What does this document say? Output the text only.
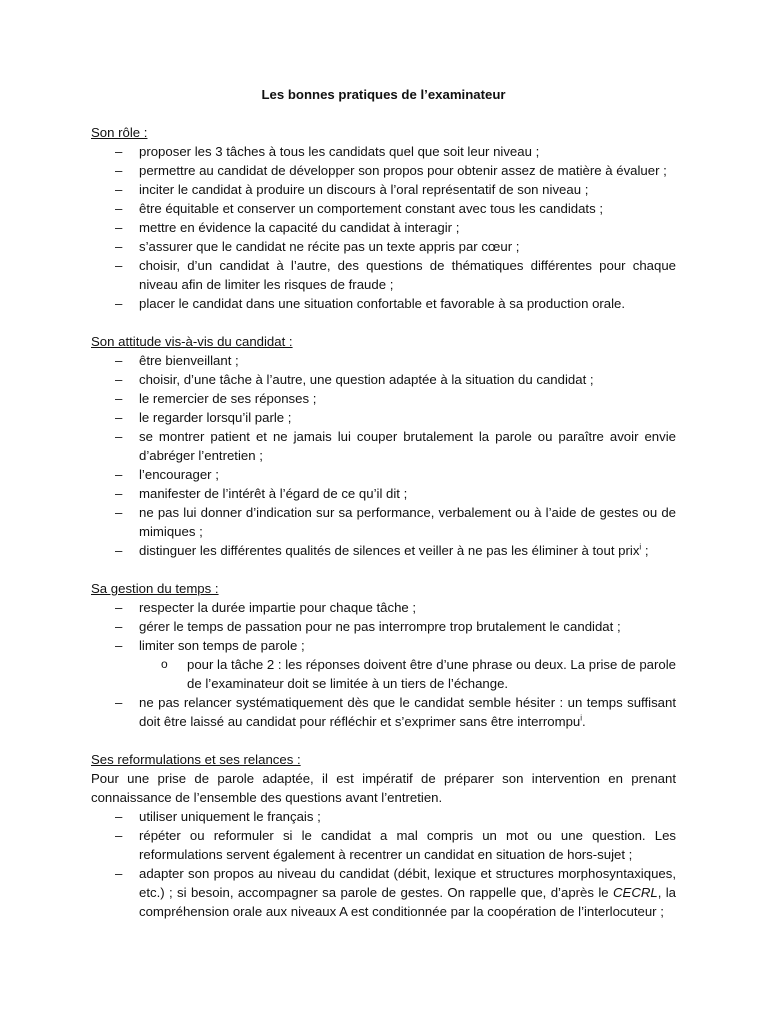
Les bonnes pratiques de l’examinateur
Son rôle :
– proposer les 3 tâches à tous les candidats quel que soit leur niveau ;
– permettre au candidat de développer son propos pour obtenir assez de matière à évaluer ;
– inciter le candidat à produire un discours à l’oral représentatif de son niveau ;
– être équitable et conserver un comportement constant avec tous les candidats ;
– mettre en évidence la capacité du candidat à interagir ;
– s’assurer que le candidat ne récite pas un texte appris par cœur ;
– choisir, d’un candidat à l’autre, des questions de thématiques différentes pour chaque niveau afin de limiter les risques de fraude ;
– placer le candidat dans une situation confortable et favorable à sa production orale.
Son attitude vis-à-vis du candidat :
– être bienveillant ;
– choisir, d’une tâche à l’autre, une question adaptée à la situation du candidat ;
– le remercier de ses réponses ;
– le regarder lorsqu’il parle ;
– se montrer patient et ne jamais lui couper brutalement la parole ou paraître avoir envie d’abréger l’entretien ;
– l’encourager ;
– manifester de l’intérêt à l’égard de ce qu’il dit ;
– ne pas lui donner d’indication sur sa performance, verbalement ou à l’aide de gestes ou de mimiques ;
– distinguer les différentes qualités de silences et veiller à ne pas les éliminer à tout prix$^i$ ;
Sa gestion du temps :
– respecter la durée impartie pour chaque tâche ;
– gérer le temps de passation pour ne pas interrompre trop brutalement le candidat ;
– limiter son temps de parole ;
o pour la tâche 2 : les réponses doivent être d’une phrase ou deux. La prise de parole de l’examinateur doit se limitée à un tiers de l’échange.
– ne pas relancer systématiquement dès que le candidat semble hésiter : un temps suffisant doit être laissé au candidat pour réfléchir et s’exprimer sans être interrompu$^i$.
Ses reformulations et ses relances :

Pour une prise de parole adaptée, il est impératif de préparer son intervention en prenant connaissance de l’ensemble des questions avant l’entretien.

– utiliser uniquement le français ;
– répéter ou reformuler si le candidat a mal compris un mot ou une question. Les reformulations servent également à recentrer un candidat en situation de hors-sujet ;
– adapter son propos au niveau du candidat (débit, lexique et structures morphosyntaxiques, etc.) ; si besoin, accompagner sa parole de gestes. On rappelle que, d’après le CECRL, la compréhension orale aux niveaux A est conditionnée par la coopération de l’interlocuteur ;
